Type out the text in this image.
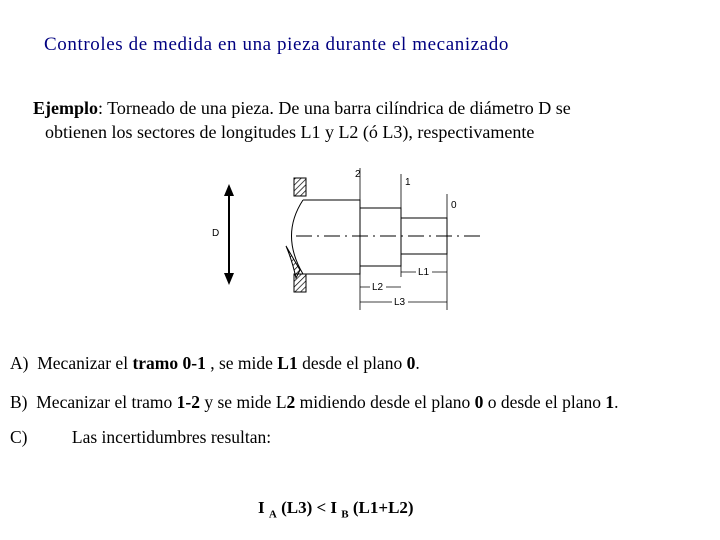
Controles de medida en una pieza durante el mecanizado
Ejemplo: Torneado de una pieza. De una barra cilíndrica de diámetro D se
obtienen los sectores de longitudes L1 y L2 (ó L3), respectivamente
D
2
1
0
L1
L2
L3
A) Mecanizar el tramo 0-1 , se mide L1 desde el plano 0.
B) Mecanizar el tramo 1-2 y se mide L2 midiendo desde el plano 0 o desde el plano 1.
C)	Las incertidumbres resultan:
I $_A$ (L3) < I $_B$ (L1+L2)
